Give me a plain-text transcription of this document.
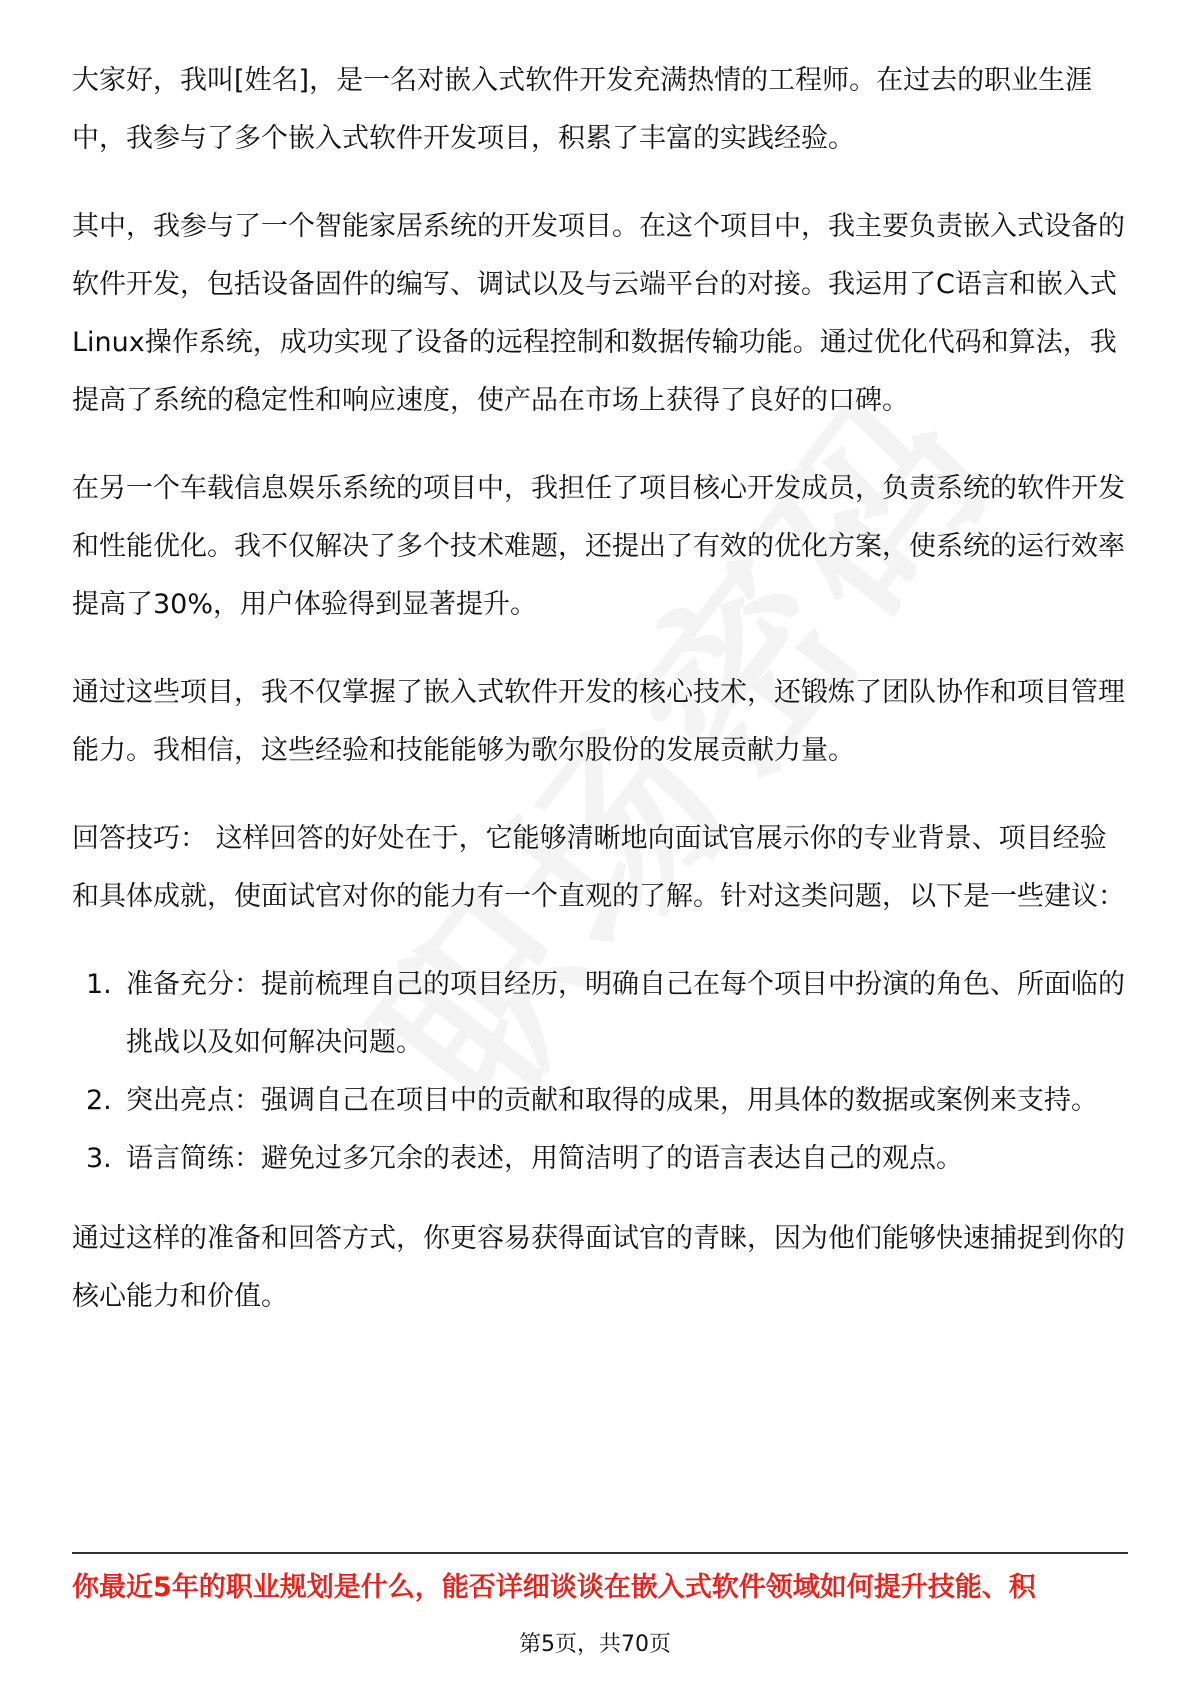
大家好，我叫[姓名]，是一名对嵌入式软件开发充满热情的工程师。在过去的职业生涯中，我参与了多个嵌入式软件开发项目，积累了丰富的实践经验。

其中，我参与了一个智能家居系统的开发项目。在这个项目中，我主要负责嵌入式设备的软件开发，包括设备固件的编写、调试以及与云端平台的对接。我运用了C语言和嵌入式Linux操作系统，成功实现了设备的远程控制和数据传输功能。通过优化代码和算法，我提高了系统的稳定性和响应速度，使产品在市场上获得了良好的口碑。

在另一个车载信息娱乐系统的项目中，我担任了项目核心开发成员，负责系统的软件开发和性能优化。我不仅解决了多个技术难题，还提出了有效的优化方案，使系统的运行效率提高了30%，用户体验得到显著提升。

通过这些项目，我不仅掌握了嵌入式软件开发的核心技术，还锻炼了团队协作和项目管理能力。我相信，这些经验和技能能够为歌尔股份的发展贡献力量。

回答技巧： 这样回答的好处在于，它能够清晰地向面试官展示你的专业背景、项目经验和具体成就，使面试官对你的能力有一个直观的了解。针对这类问题，以下是一些建议：

1. 准备充分：提前梳理自己的项目经历，明确自己在每个项目中扮演的角色、所面临的挑战以及如何解决问题。
2. 突出亮点：强调自己在项目中的贡献和取得的成果，用具体的数据或案例来支持。
3. 语言简练：避免过多冗余的表述，用简洁明了的语言表达自己的观点。

通过这样的准备和回答方式，你更容易获得面试官的青睐，因为他们能够快速捕捉到你的核心能力和价值。

你最近5年的职业规划是什么，能否详细谈谈在嵌入式软件领域如何提升技能、积
第5页，共70页
